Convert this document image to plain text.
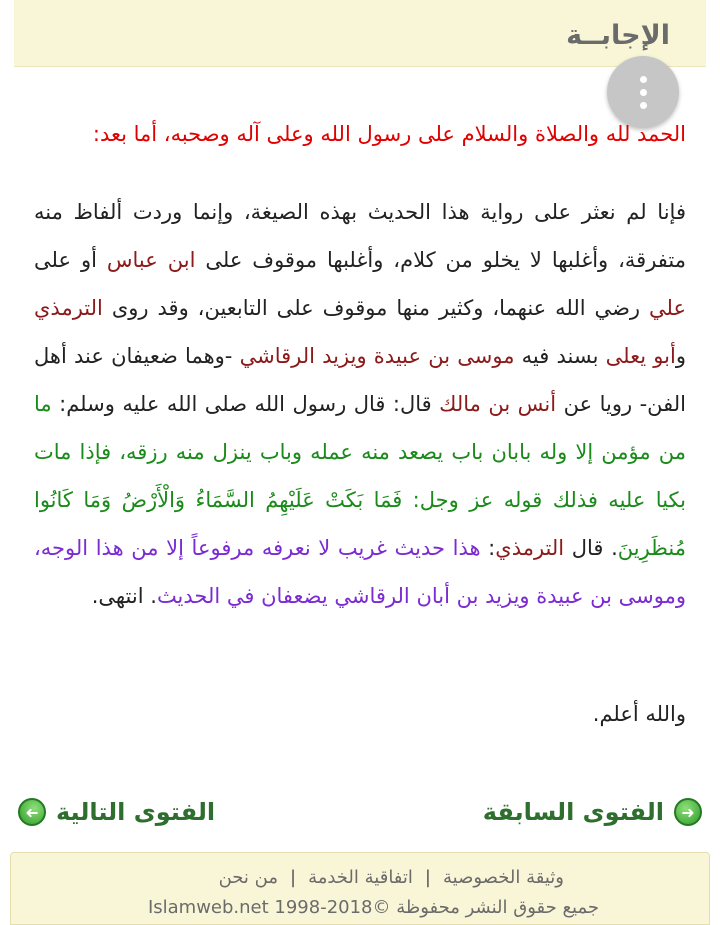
الإجابــة
الحمد لله والصلاة والسلام على رسول الله وعلى آله وصحبه، أما بعد:
فإنا لم نعثر على رواية هذا الحديث بهذه الصيغة، وإنما وردت ألفاظ منه متفرقة، وأغلبها لا يخلو من كلام، وأغلبها موقوف على ابن عباس أو على علي رضي الله عنهما، وكثير منها موقوف على التابعين، وقد روى الترمذي وأبو يعلى بسند فيه موسى بن عبيدة ويزيد الرقاشي -وهما ضعيفان عند أهل الفن- رويا عن أنس بن مالك قال: قال رسول الله صلى الله عليه وسلم: ما من مؤمن إلا وله بابان باب يصعد منه عمله وباب ينزل منه رزقه، فإذا مات بكيا عليه فذلك قوله عز وجل: فَمَا بَكَتْ عَلَيْهِمُ السَّمَاءُ وَالْأَرْضُ وَمَا كَانُوا مُنظَرِينَ. قال الترمذي: هذا حديث غريب لا نعرفه مرفوعاً إلا من هذا الوجه، وموسى بن عبيدة ويزيد بن أبان الرقاشي يضعفان في الحديث. انتهى.
والله أعلم.
➜
الفتوى السابقة
الفتوى التالية
➜
وثيقة الخصوصية|اتفاقية الخدمة|من نحن
جميع حقوق النشر محفوظة ©Islamweb.net 1998-2018
